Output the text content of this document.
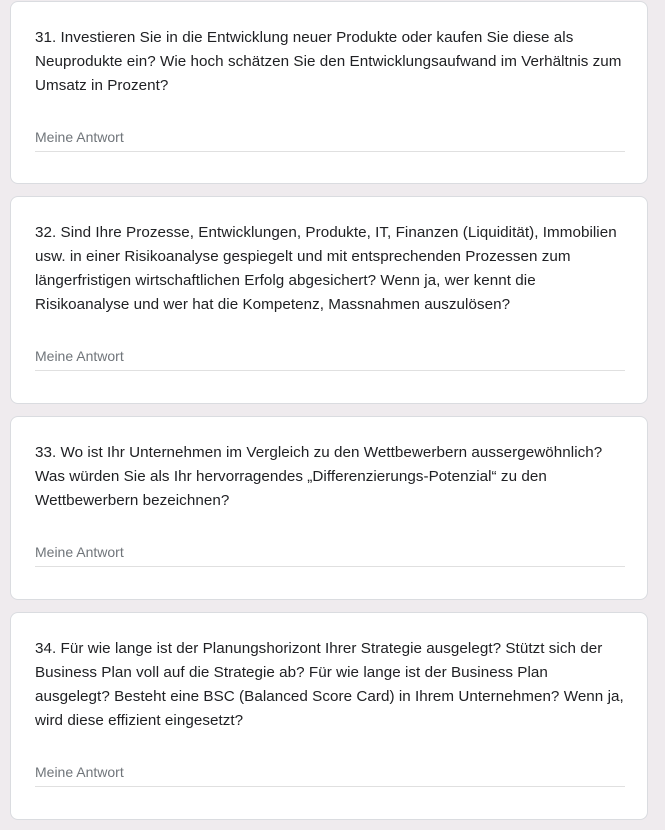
31. Investieren Sie in die Entwicklung neuer Produkte oder kaufen Sie diese als Neuprodukte ein? Wie hoch schätzen Sie den Entwicklungsaufwand im Verhältnis zum Umsatz in Prozent?

Meine Antwort

32. Sind Ihre Prozesse, Entwicklungen, Produkte, IT, Finanzen (Liquidität), Immobilien usw. in einer Risikoanalyse gespiegelt und mit entsprechenden Prozessen zum längerfristigen wirtschaftlichen Erfolg abgesichert? Wenn ja, wer kennt die Risikoanalyse und wer hat die Kompetenz, Massnahmen auszulösen?

Meine Antwort

33. Wo ist Ihr Unternehmen im Vergleich zu den Wettbewerbern aussergewöhnlich? Was würden Sie als Ihr hervorragendes „Differenzierungs-Potenzial“ zu den Wettbewerbern bezeichnen?

Meine Antwort

34. Für wie lange ist der Planungshorizont Ihrer Strategie ausgelegt? Stützt sich der Business Plan voll auf die Strategie ab? Für wie lange ist der Business Plan ausgelegt? Besteht eine BSC (Balanced Score Card) in Ihrem Unternehmen? Wenn ja, wird diese effizient eingesetzt?

Meine Antwort
